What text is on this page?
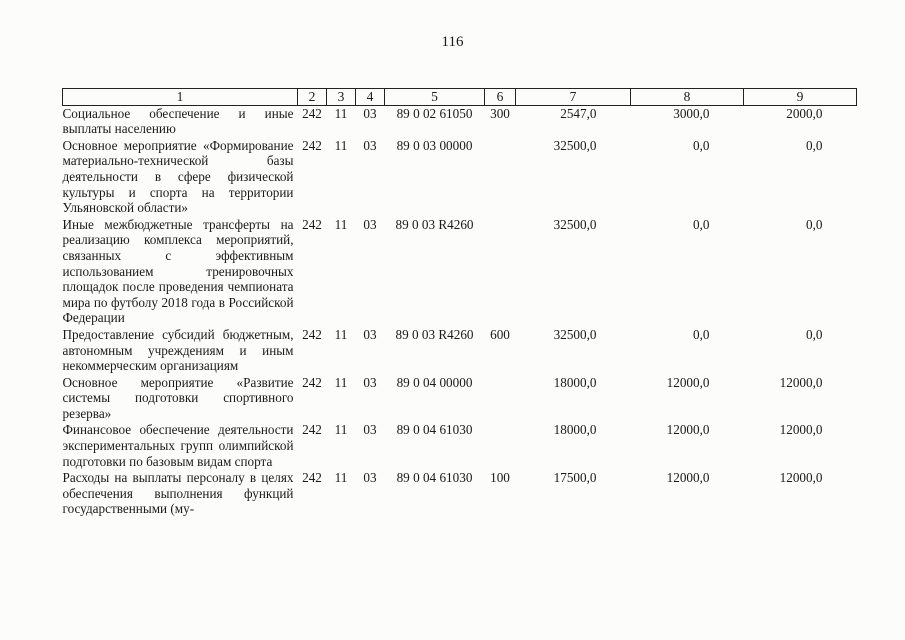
116
1	2	3	4	5	6	7	8	9
Социальное обеспечение и иные выплаты населению	242	11	03	89 0 02 61050	300	2547,0	3000,0	2000,0
Основное мероприятие «Формирование материально-технической базы деятельности в сфере физической культуры и спорта на территории Ульяновской области»	242	11	03	89 0 03 00000		32500,0	0,0	0,0
Иные межбюджетные трансферты на реализацию комплекса мероприятий, связанных с эффективным использованием тренировочных площадок после проведения чемпионата мира по футболу 2018 года в Российской Федерации	242	11	03	89 0 03 R4260		32500,0	0,0	0,0
Предоставление субсидий бюджетным, автономным учреждениям и иным некоммерческим организациям	242	11	03	89 0 03 R4260	600	32500,0	0,0	0,0
Основное мероприятие «Развитие системы подготовки спортивного резерва»	242	11	03	89 0 04 00000		18000,0	12000,0	12000,0
Финансовое обеспечение деятельности экспериментальных групп олимпийской подготовки по базовым видам спорта	242	11	03	89 0 04 61030		18000,0	12000,0	12000,0
Расходы на выплаты персоналу в целях обеспечения выполнения функций государственными (му-	242	11	03	89 0 04 61030	100	17500,0	12000,0	12000,0
